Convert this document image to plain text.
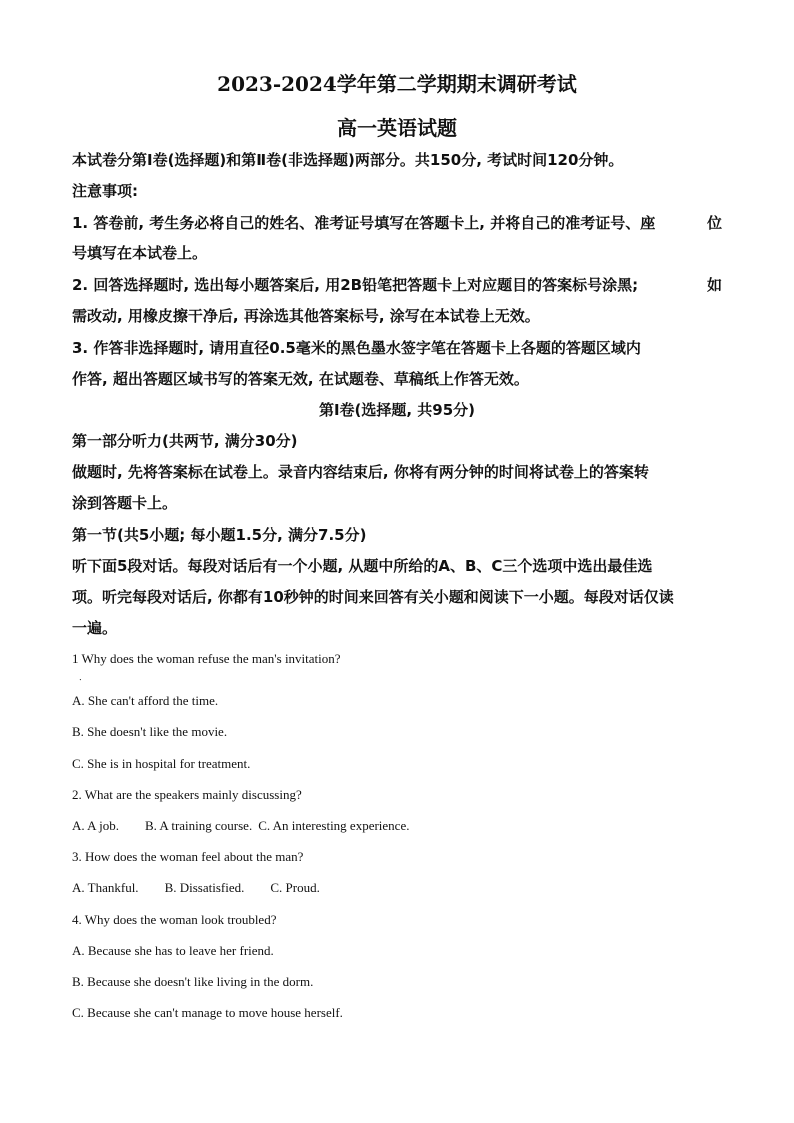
2023-2024学年第二学期期末调研考试
高一英语试题
本试卷分第Ⅰ卷(选择题)和第Ⅱ卷(非选择题)两部分。共150分, 考试时间120分钟。
注意事项:
1. 答卷前, 考生务必将自己的姓名、准考证号填写在答题卡上, 并将自己的准考证号、座	位
号填写在本试卷上。
2. 回答选择题时, 选出每小题答案后, 用2B铅笔把答题卡上对应题目的答案标号涂黑;	如
需改动, 用橡皮擦干净后, 再涂选其他答案标号, 涂写在本试卷上无效。
3. 作答非选择题时, 请用直径0.5毫米的黑色墨水签字笔在答题卡上各题的答题区域内
作答, 超出答题区域书写的答案无效, 在试题卷、草稿纸上作答无效。
第Ⅰ卷(选择题, 共95分)
第一部分听力(共两节, 满分30分)
做题时, 先将答案标在试卷上。录音内容结束后, 你将有两分钟的时间将试卷上的答案转
涂到答题卡上。
第一节(共5小题; 每小题1.5分, 满分7.5分)
听下面5段对话。每段对话后有一个小题, 从题中所给的A、B、C三个选项中选出最佳选
项。听完每段对话后, 你都有10秒钟的时间来回答有关小题和阅读下一小题。每段对话仅读
一遍。
1 Why does the woman refuse the man's invitation?
．
A. She can't afford the time.
B. She doesn't like the movie.
C. She is in hospital for treatment.
2. What are the speakers mainly discussing?
A. A job. B. A training course. C. An interesting experience.
3. How does the woman feel about the man?
A. Thankful. B. Dissatisfied. C. Proud.
4. Why does the woman look troubled?
A. Because she has to leave her friend.
B. Because she doesn't like living in the dorm.
C. Because she can't manage to move house herself.
